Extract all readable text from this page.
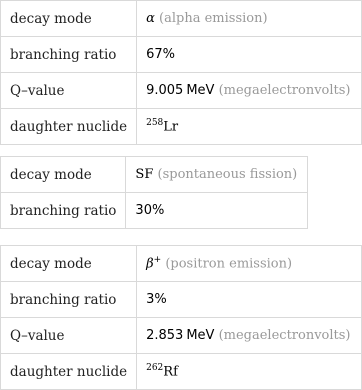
decay mode	α (alpha emission)
branching ratio	67%
Q–value	9.005 MeV (megaelectronvolts)
daughter nuclide	$^{258}$Lr
decay mode	SF (spontaneous fission)
branching ratio	30%
decay mode	β+ (positron emission)
branching ratio	3%
Q–value	2.853 MeV (megaelectronvolts)
daughter nuclide	$^{262}$Rf
